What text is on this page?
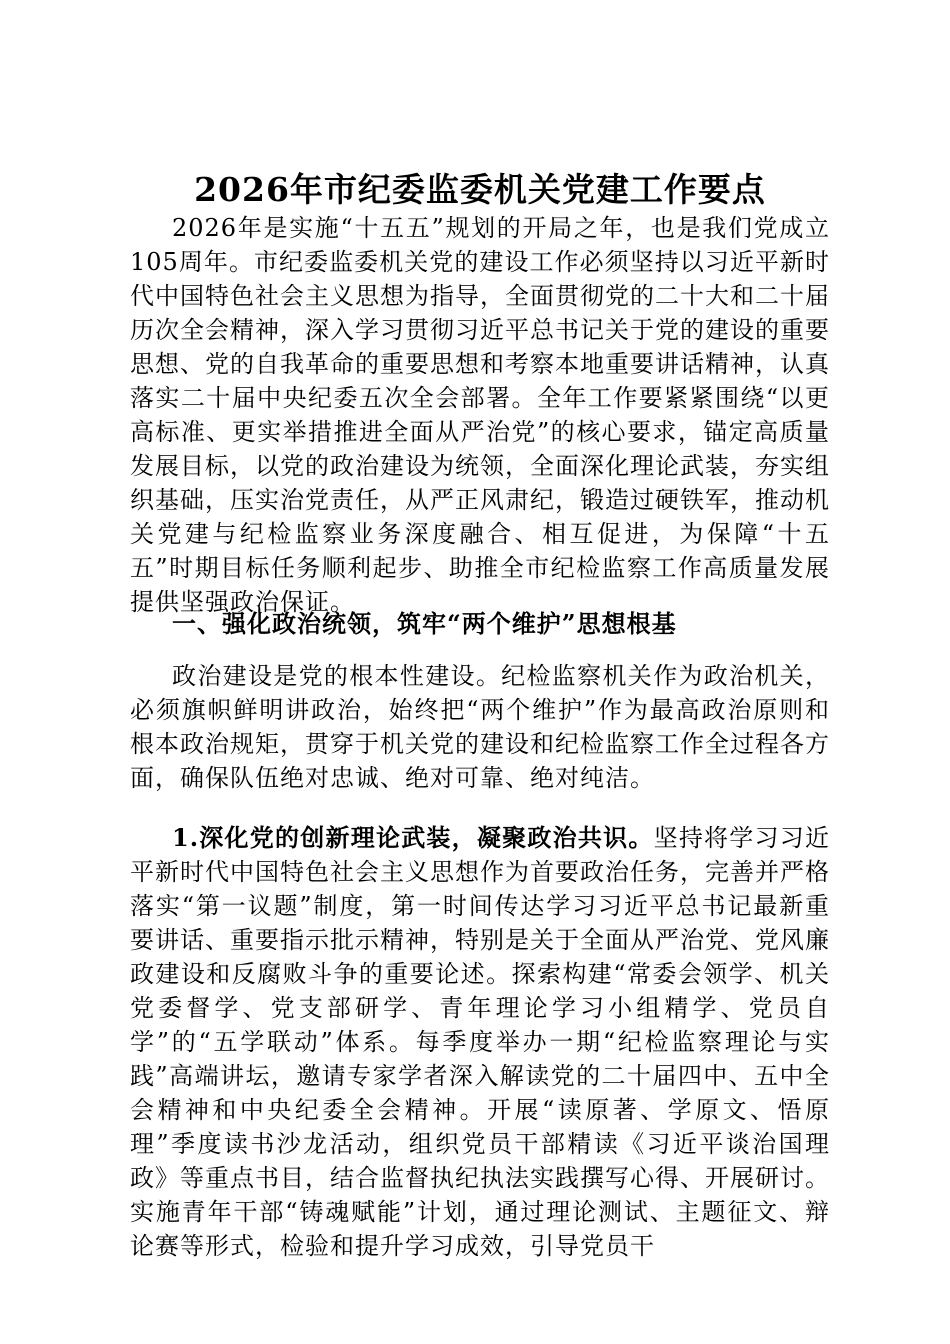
2026年市纪委监委机关党建工作要点

2026年是实施“十五五”规划的开局之年，也是我们党成立105周年。市纪委监委机关党的建设工作必须坚持以习近平新时代中国特色社会主义思想为指导，全面贯彻党的二十大和二十届历次全会精神，深入学习贯彻习近平总书记关于党的建设的重要思想、党的自我革命的重要思想和考察本地重要讲话精神，认真落实二十届中央纪委五次全会部署。全年工作要紧紧围绕“以更高标准、更实举措推进全面从严治党”的核心要求，锚定高质量发展目标，以党的政治建设为统领，全面深化理论武装，夯实组织基础，压实治党责任，从严正风肃纪，锻造过硬铁军，推动机关党建与纪检监察业务深度融合、相互促进，为保障“十五五”时期目标任务顺利起步、助推全市纪检监察工作高质量发展提供坚强政治保证。

一、强化政治统领，筑牢“两个维护”思想根基

政治建设是党的根本性建设。纪检监察机关作为政治机关，必须旗帜鲜明讲政治，始终把“两个维护”作为最高政治原则和根本政治规矩，贯穿于机关党的建设和纪检监察工作全过程各方面，确保队伍绝对忠诚、绝对可靠、绝对纯洁。

1.深化党的创新理论武装，凝聚政治共识。坚持将学习习近平新时代中国特色社会主义思想作为首要政治任务，完善并严格落实“第一议题”制度，第一时间传达学习习近平总书记最新重要讲话、重要指示批示精神，特别是关于全面从严治党、党风廉政建设和反腐败斗争的重要论述。探索构建“常委会领学、机关党委督学、党支部研学、青年理论学习小组精学、党员自学”的“五学联动”体系。每季度举办一期“纪检监察理论与实践”高端讲坛，邀请专家学者深入解读党的二十届四中、五中全会精神和中央纪委全会精神。开展“读原著、学原文、悟原理”季度读书沙龙活动，组织党员干部精读《习近平谈治国理政》等重点书目，结合监督执纪执法实践撰写心得、开展研讨。实施青年干部“铸魂赋能”计划，通过理论测试、主题征文、辩论赛等形式，检验和提升学习成效，引导党员干
